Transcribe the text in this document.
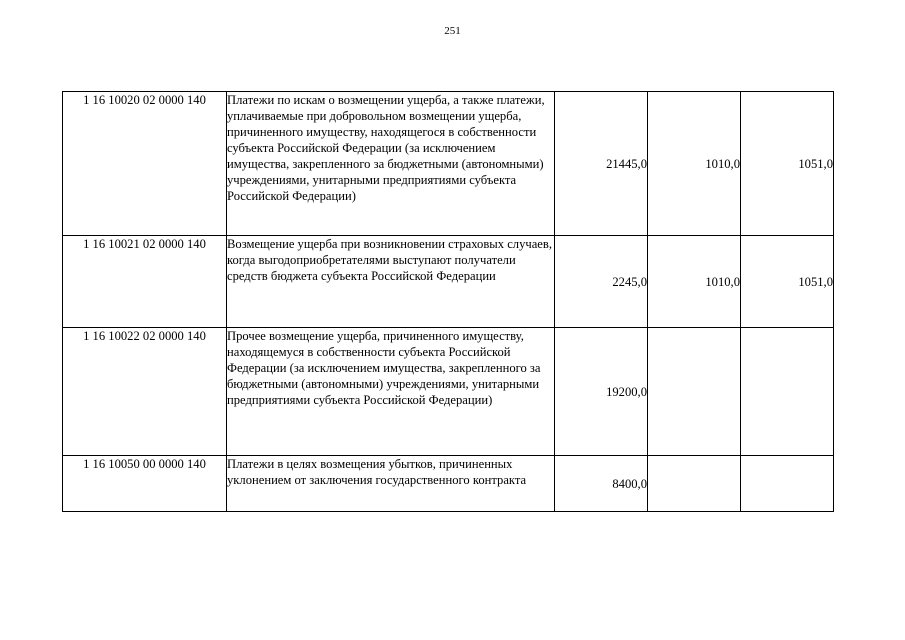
251
1 16 10020 02 0000 140	Платежи по искам о возмещении ущерба, а также платежи, уплачиваемые при добровольном возмещении ущерба, причиненного имуществу, находящегося в собственности субъекта Российской Федерации (за исключением имущества, закрепленного за бюджетными (автономными) учреждениями, унитарными предприятиями субъекта Российской Федерации)	21445,0	1010,0	1051,0
1 16 10021 02 0000 140	Возмещение ущерба при возникновении страховых случаев, когда выгодоприобретателями выступают получатели средств бюджета субъекта Российской Федерации	2245,0	1010,0	1051,0
1 16 10022 02 0000 140	Прочее возмещение ущерба, причиненного имуществу, находящемуся в собственности субъекта Российской Федерации (за исключением имущества, закрепленного за бюджетными (автономными) учреждениями, унитарными предприятиями субъекта Российской Федерации)	19200,0		
1 16 10050 00 0000 140	Платежи в целях возмещения убытков, причиненных уклонением от заключения государственного контракта	8400,0		
